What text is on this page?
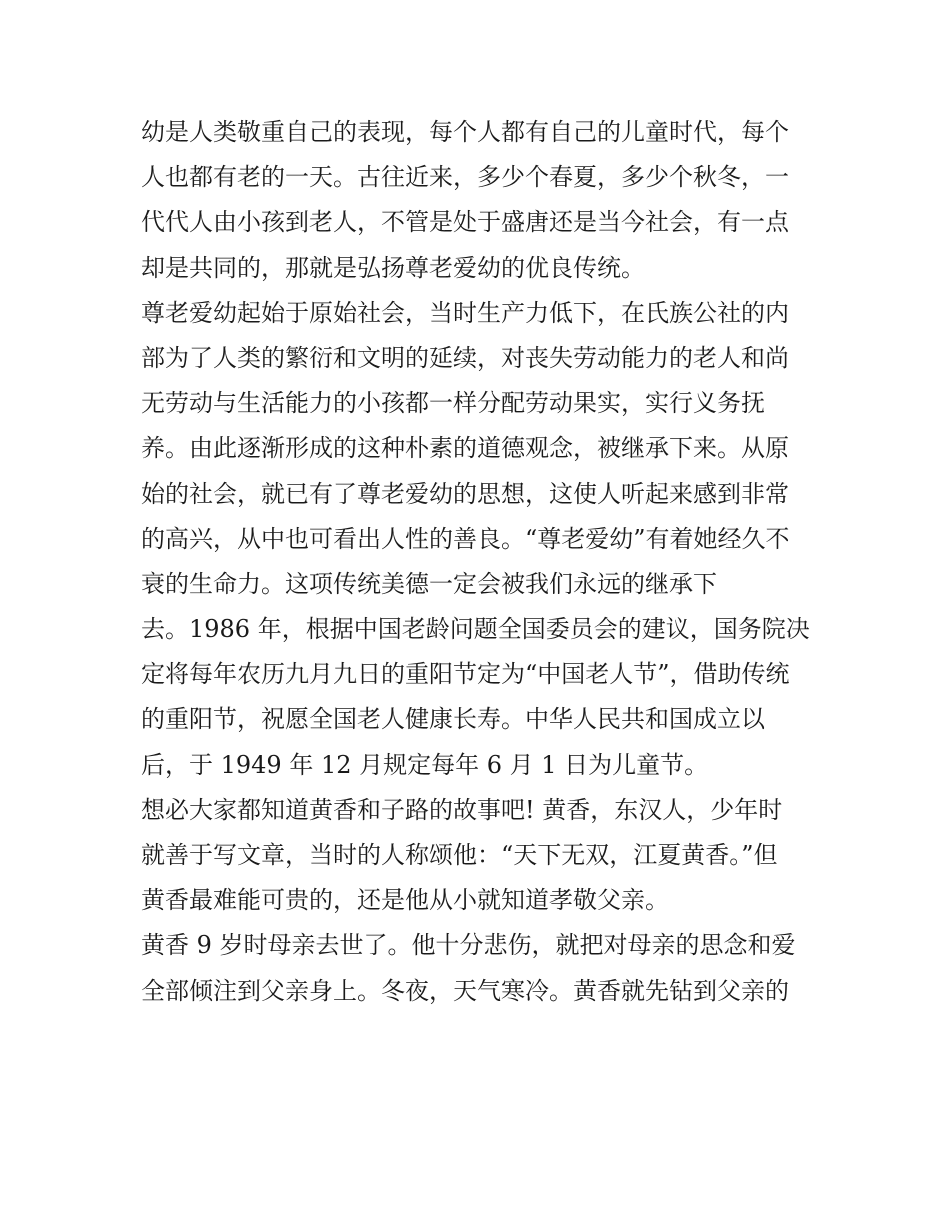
幼是人类敬重自己的表现，每个人都有自己的儿童时代，每个
人也都有老的一天。古往近来，多少个春夏，多少个秋冬，一
代代人由小孩到老人，不管是处于盛唐还是当今社会，有一点
却是共同的，那就是弘扬尊老爱幼的优良传统。
尊老爱幼起始于原始社会，当时生产力低下，在氏族公社的内
部为了人类的繁衍和文明的延续，对丧失劳动能力的老人和尚
无劳动与生活能力的小孩都一样分配劳动果实，实行义务抚
养。由此逐渐形成的这种朴素的道德观念，被继承下来。从原
始的社会，就已有了尊老爱幼的思想，这使人听起来感到非常
的高兴，从中也可看出人性的善良。“尊老爱幼”有着她经久不
衰的生命力。这项传统美德一定会被我们永远的继承下
去。1986 年，根据中国老龄问题全国委员会的建议，国务院决
定将每年农历九月九日的重阳节定为“中国老人节”，借助传统
的重阳节，祝愿全国老人健康长寿。中华人民共和国成立以
后，于 1949 年 12 月规定每年 6 月 1 日为儿童节。
想必大家都知道黄香和子路的故事吧! 黄香，东汉人，少年时
就善于写文章，当时的人称颂他：“天下无双，江夏黄香。”但
黄香最难能可贵的，还是他从小就知道孝敬父亲。
黄香 9 岁时母亲去世了。他十分悲伤，就把对母亲的思念和爱
全部倾注到父亲身上。冬夜，天气寒冷。黄香就先钻到父亲的
